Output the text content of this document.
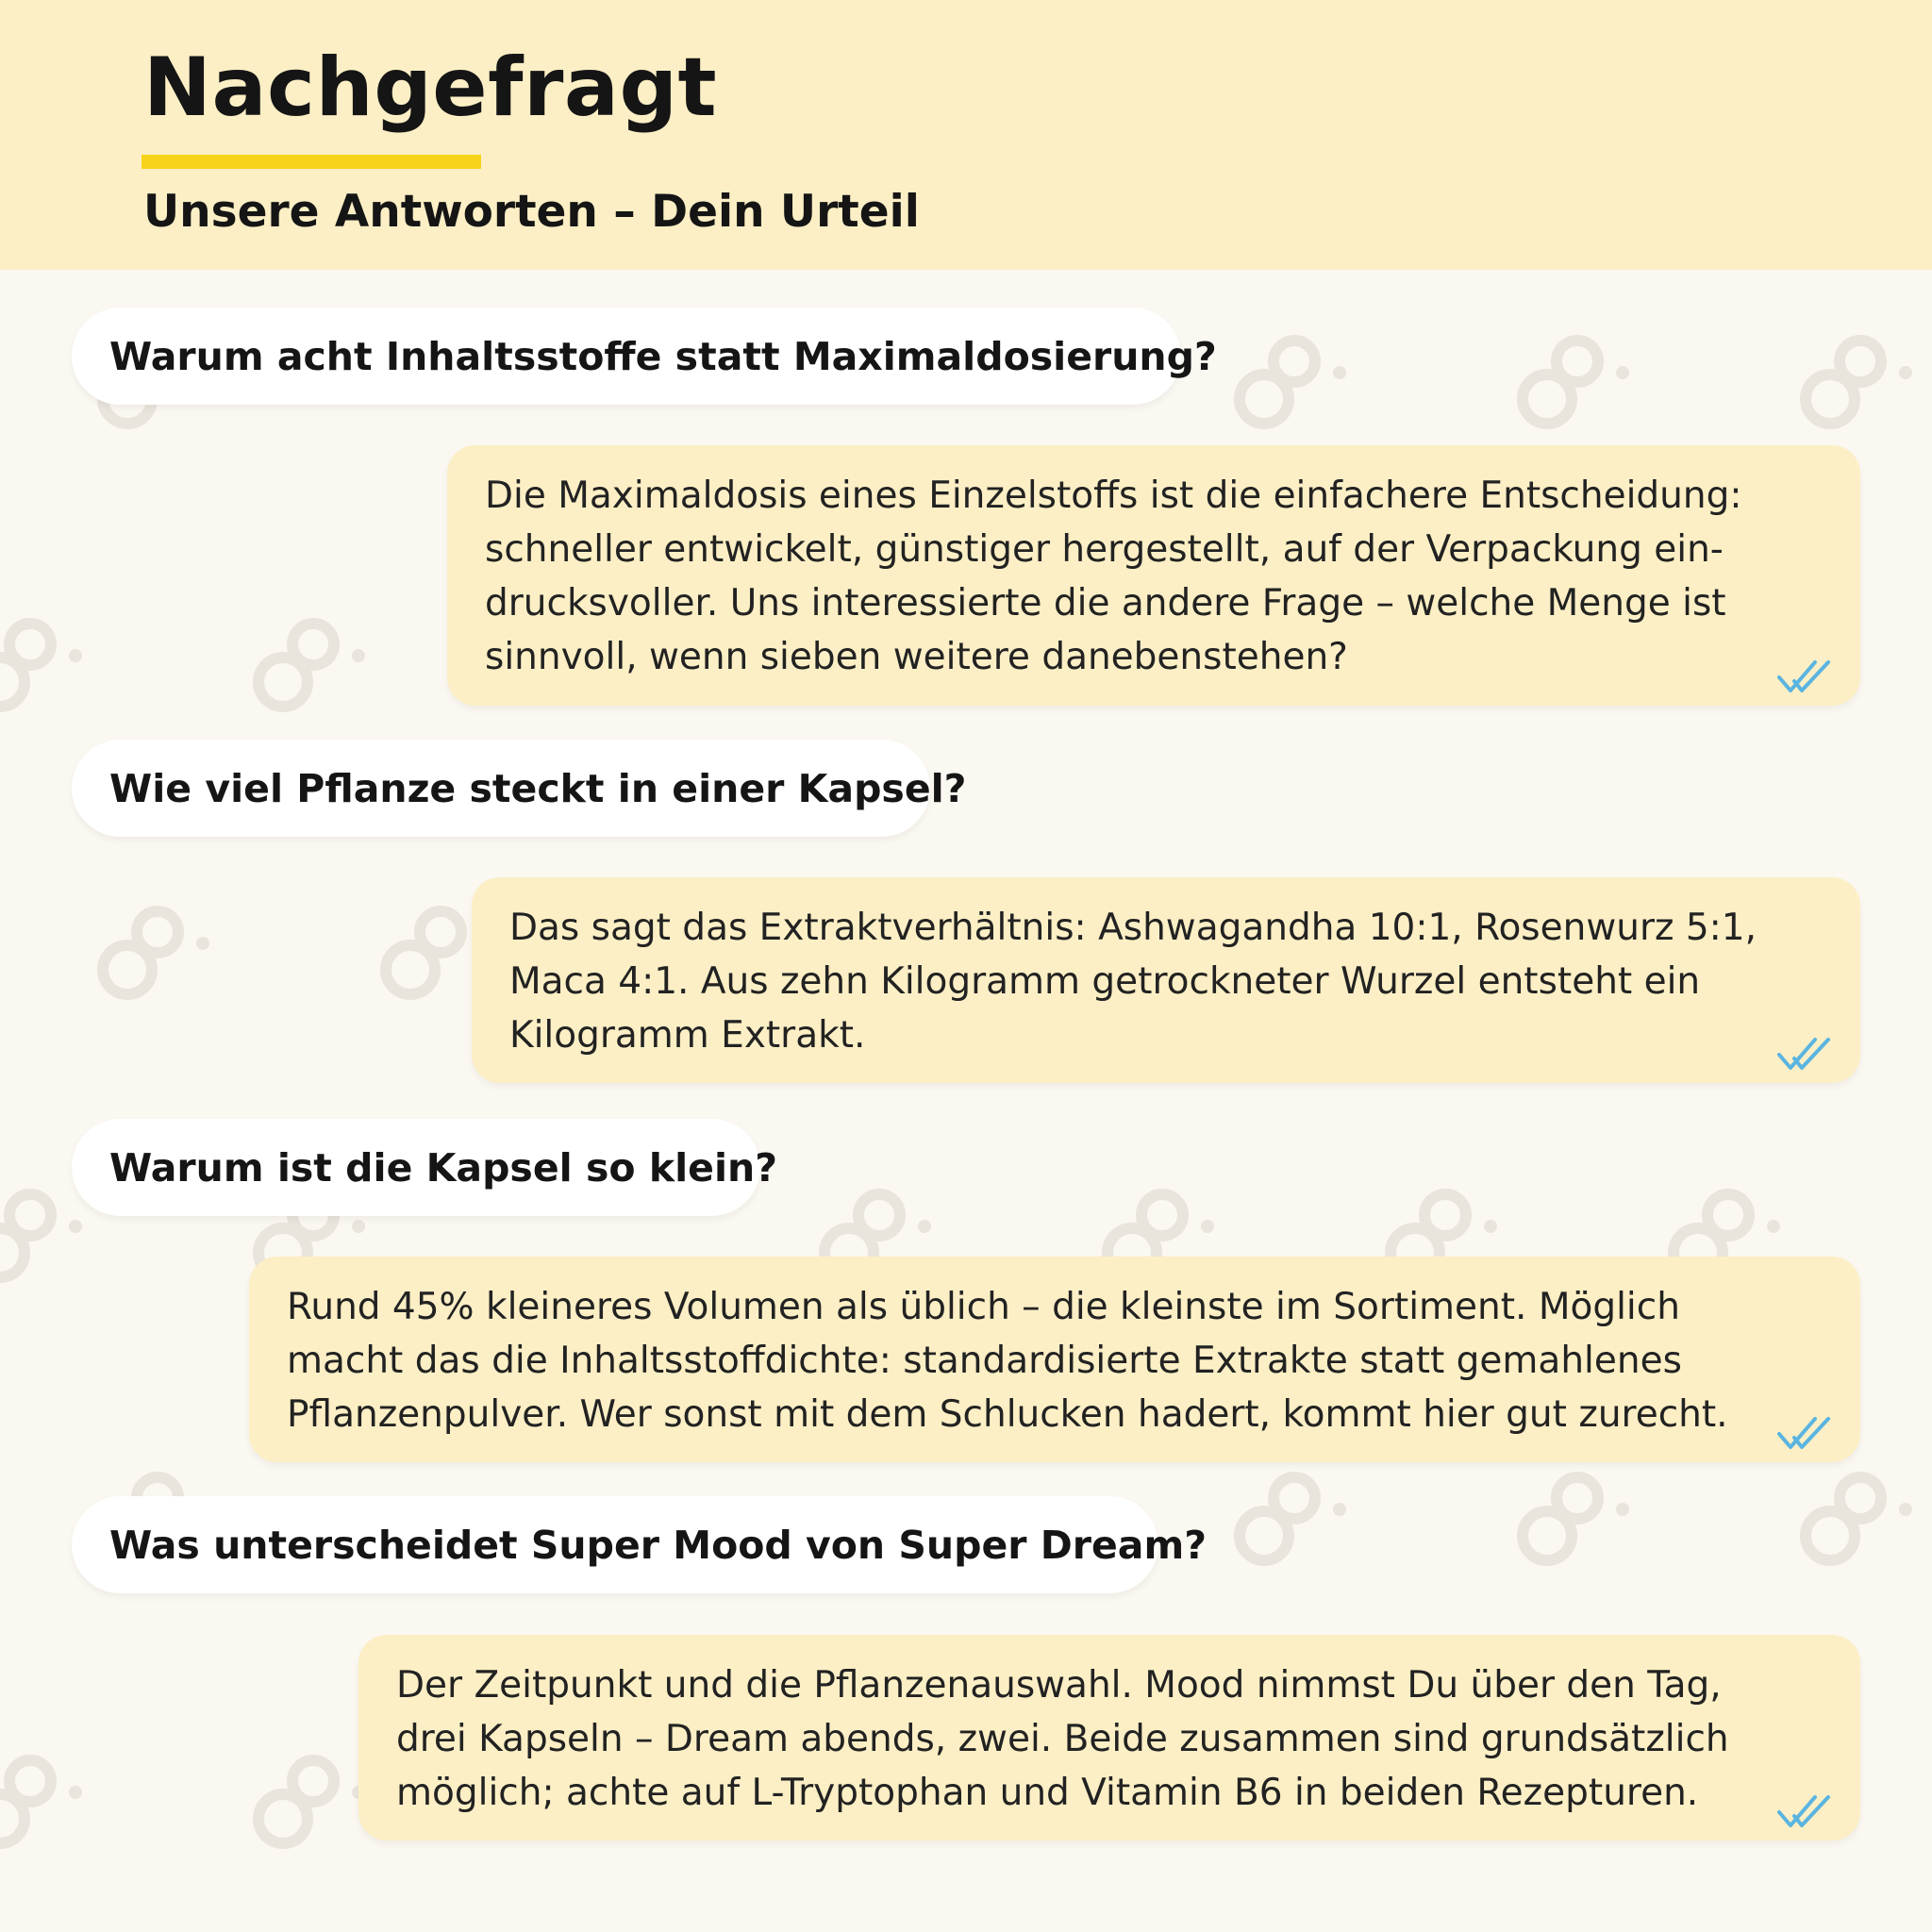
Nachgefragt
Unsere Antworten – Dein Urteil
Warum acht Inhaltsstoffe statt Maximaldosierung?
Die Maximaldosis eines Einzelstoffs ist die einfachere Entscheidung:
schneller entwickelt, günstiger hergestellt, auf der Verpackung ein-
drucksvoller. Uns interessierte die andere Frage – welche Menge ist
sinnvoll, wenn sieben weitere danebenstehen?
Wie viel Pflanze steckt in einer Kapsel?
Das sagt das Extraktverhältnis: Ashwagandha 10:1, Rosenwurz 5:1,
Maca 4:1. Aus zehn Kilogramm getrockneter Wurzel entsteht ein
Kilogramm Extrakt.
Warum ist die Kapsel so klein?
Rund 45% kleineres Volumen als üblich – die kleinste im Sortiment. Möglich
macht das die Inhaltsstoffdichte: standardisierte Extrakte statt gemahlenes
Pflanzenpulver. Wer sonst mit dem Schlucken hadert, kommt hier gut zurecht.
Was unterscheidet Super Mood von Super Dream?
Der Zeitpunkt und die Pflanzenauswahl. Mood nimmst Du über den Tag,
drei Kapseln – Dream abends, zwei. Beide zusammen sind grundsätzlich
möglich; achte auf L-Tryptophan und Vitamin B6 in beiden Rezepturen.
